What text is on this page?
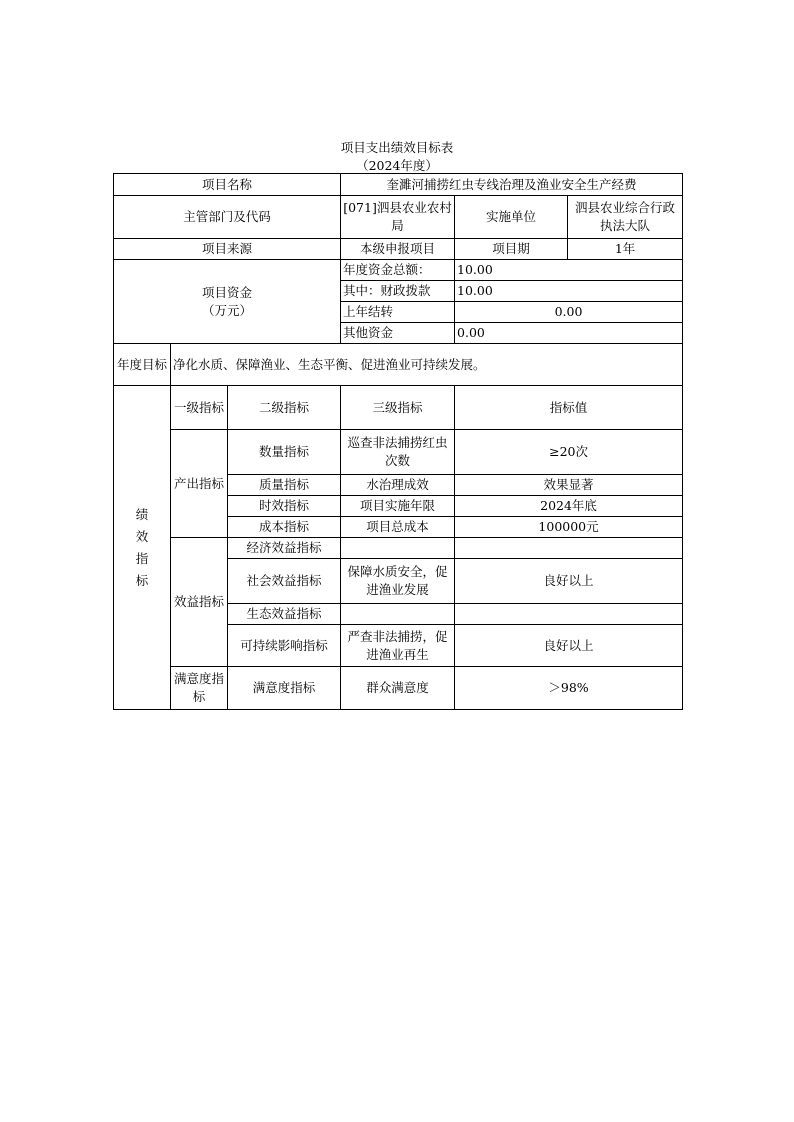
项目支出绩效目标表
（2024年度）
项目名称			奎濉河捕捞红虫专线治理及渔业安全生产经费		
主管部门及代码			[071]泗县农业农村局	实施单位	泗县农业综合行政执法大队
项目来源			本级申报项目	项目期	1年

项目资金
（万元）			年度资金总额：	10.00	
			其中：财政拨款	10.00	
			上年结转	0.00	
			其他资金	0.00	
年度目标	净化水质、保障渔业、生态平衡、促进渔业可持续发展。				
绩效指标	一级指标	二级指标	三级指标	指标值	
	产出指标	数量指标	巡查非法捕捞红虫次数	≥20次	
		质量指标	水治理成效	效果显著	
		时效指标	项目实施年限	2024年底	
		成本指标	项目总成本	100000元	
	效益指标	经济效益指标			
		社会效益指标	保障水质安全，促进渔业发展	良好以上	
		生态效益指标			
		可持续影响指标	严查非法捕捞，促进渔业再生	良好以上	
	满意度指标	满意度指标	群众满意度	＞98%	
